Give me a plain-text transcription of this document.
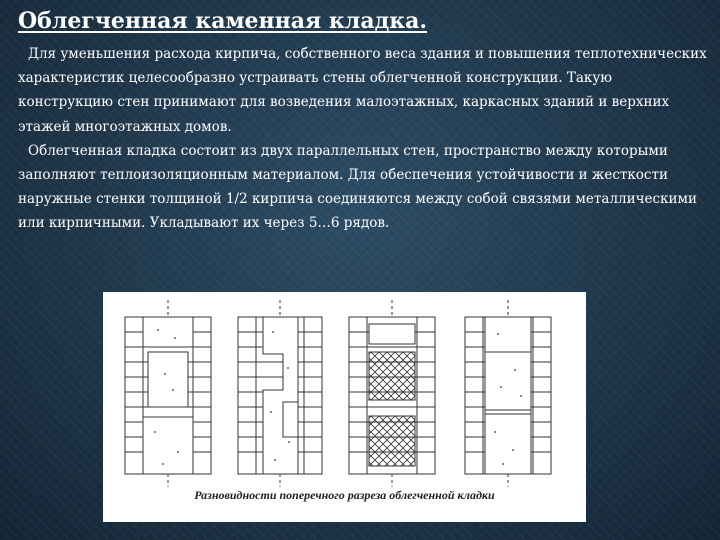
Облегченная каменная кладка.

Для уменьшения расхода кирпича, собственного веса здания и повышения теплотехнических характеристик целесообразно устраивать стены облегченной конструкции. Такую конструкцию стен принимают для возведения малоэтажных, каркасных зданий и верхних этажей многоэтажных домов.

Облегченная кладка состоит из двух параллельных стен, пространство между которыми заполняют теплоизоляционным материалом. Для обеспечения устойчивости и жесткости наружные стенки толщиной 1/2 кирпича соединяются между собой связями металлическими или кирпичными. Укладывают их через 5…6 рядов.

Разновидности поперечного разреза облегченной кладки
